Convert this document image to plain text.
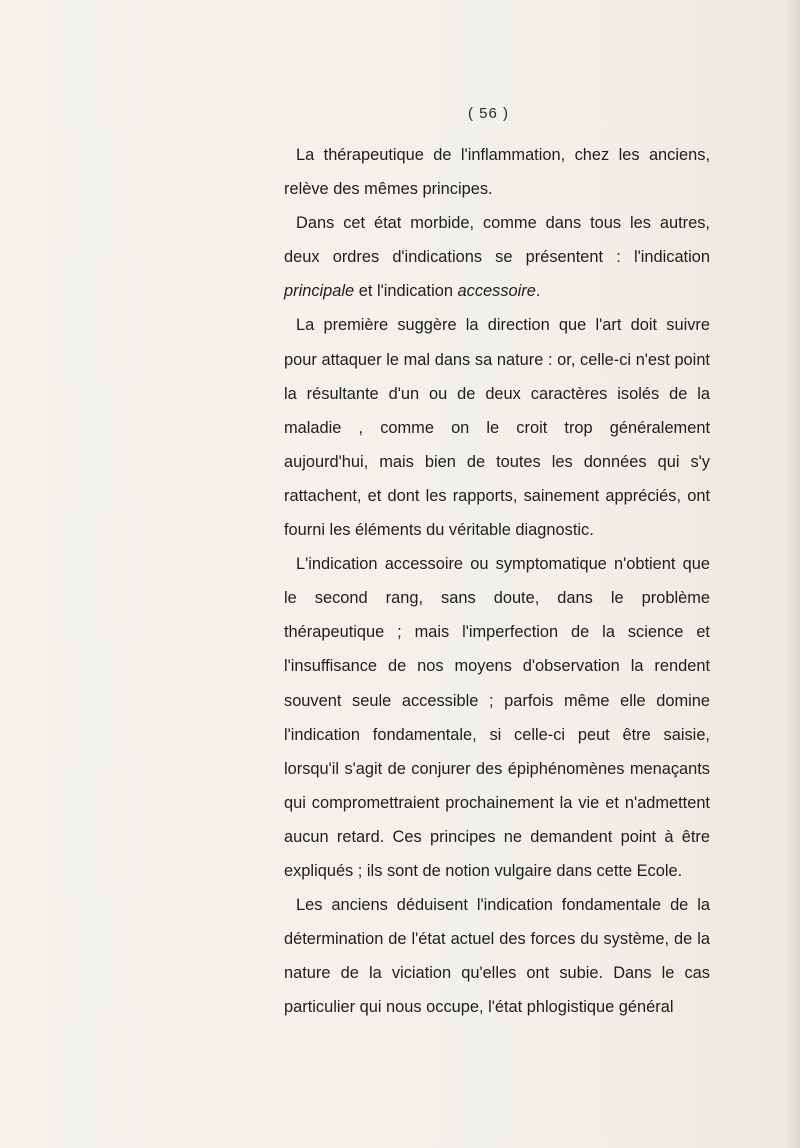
( 56 )

La thérapeutique de l'inflammation, chez les anciens, relève des mêmes principes.

Dans cet état morbide, comme dans tous les autres, deux ordres d'indications se présentent : l'indication principale et l'indication accessoire.

La première suggère la direction que l'art doit suivre pour attaquer le mal dans sa nature : or, celle-ci n'est point la résultante d'un ou de deux caractères isolés de la maladie , comme on le croit trop généralement aujourd'hui, mais bien de toutes les données qui s'y rattachent, et dont les rapports, sainement appréciés, ont fourni les éléments du véritable diagnostic.

L'indication accessoire ou symptomatique n'obtient que le second rang, sans doute, dans le problème thérapeutique ; mais l'imperfection de la science et l'insuffisance de nos moyens d'observation la rendent souvent seule accessible ; parfois même elle domine l'indication fondamentale, si celle-ci peut être saisie, lorsqu'il s'agit de conjurer des épiphénomènes menaçants qui compromettraient prochainement la vie et n'admettent aucun retard. Ces principes ne demandent point à être expliqués ; ils sont de notion vulgaire dans cette Ecole.

Les anciens déduisent l'indication fondamentale de la détermination de l'état actuel des forces du système, de la nature de la viciation qu'elles ont subie. Dans le cas particulier qui nous occupe, l'état phlogistique général
